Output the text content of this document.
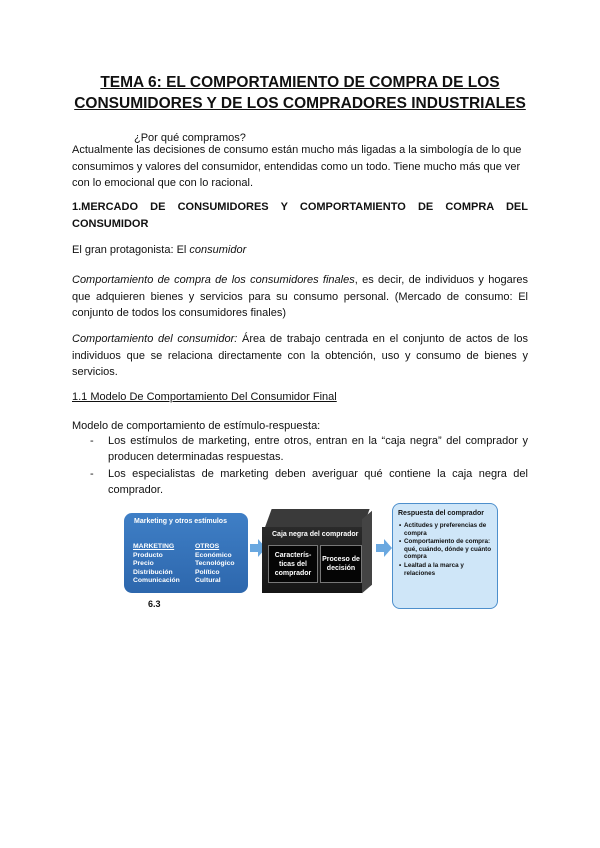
TEMA 6: EL COMPORTAMIENTO DE COMPRA DE LOS
CONSUMIDORES Y DE LOS COMPRADORES INDUSTRIALES
¿Por qué compramos?
Actualmente las decisiones de consumo están mucho más ligadas a la simbología de lo que consumimos y valores del consumidor, entendidas como un todo. Tiene mucho más que ver con lo emocional que con lo racional.
1.MERCADO DE CONSUMIDORES Y COMPORTAMIENTO DE COMPRA DEL CONSUMIDOR
El gran protagonista: El consumidor
Comportamiento de compra de los consumidores finales, es decir, de individuos y hogares que adquieren bienes y servicios para su consumo personal. (Mercado de consumo: El conjunto de todos los consumidores finales)
Comportamiento del consumidor: Área de trabajo centrada en el conjunto de actos de los individuos que se relaciona directamente con la obtención, uso y consumo de bienes y servicios.
1.1 Modelo De Comportamiento Del Consumidor Final
Modelo de comportamiento de estímulo-respuesta:
- Los estímulos de marketing, entre otros, entran en la “caja negra” del comprador y producen determinadas respuestas.
- Los especialistas de marketing deben averiguar qué contiene la caja negra del comprador.
Marketing y otros estímulos
MARKETING
Producto
Precio
Distribución
Comunicación
OTROS
Económico
Tecnológico
Político
Cultural
6.3
Caja negra del comprador
Caracterís-ticas del comprador
Proceso de decisión
Respuesta del comprador
• Actitudes y preferencias de compra
• Comportamiento de compra: qué, cuándo, dónde y cuánto compra
• Lealtad a la marca y relaciones
